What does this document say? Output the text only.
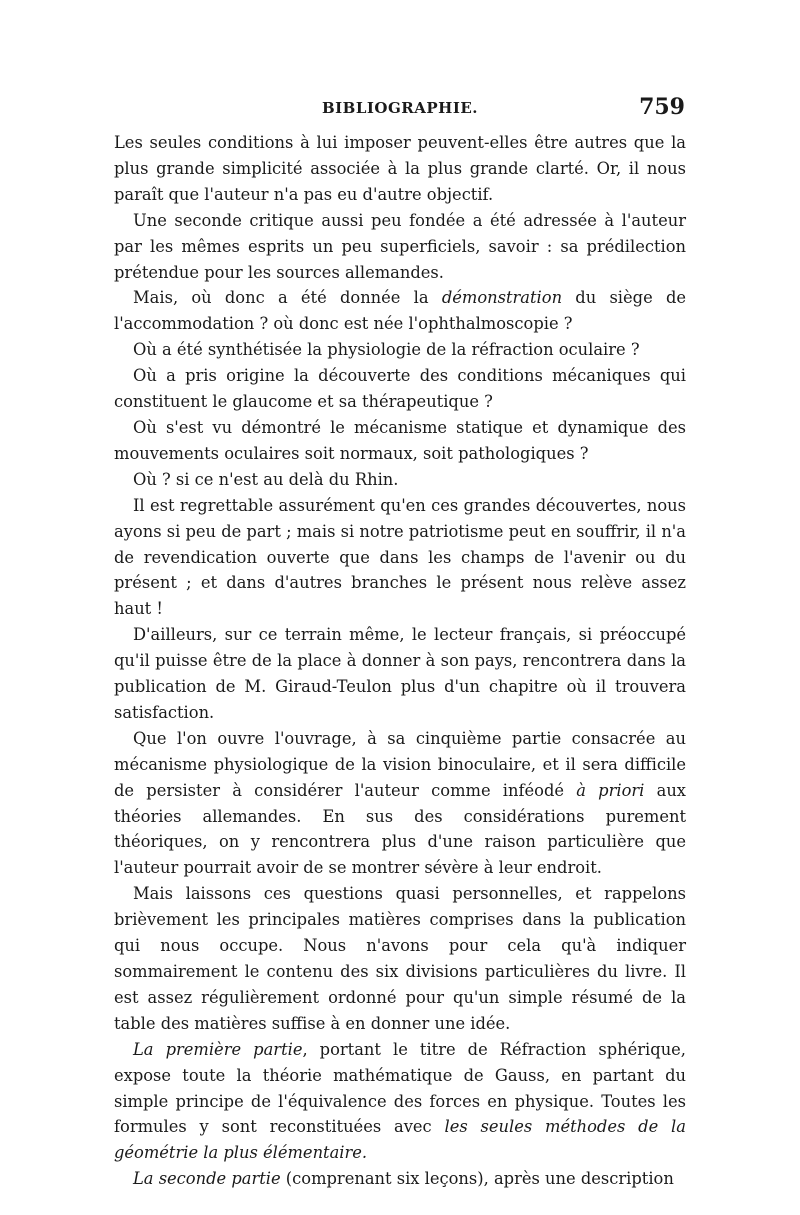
BIBLIOGRAPHIE.	759

Les seules conditions à lui imposer peuvent-elles être autres que la plus grande simplicité associée à la plus grande clarté. Or, il nous paraît que l'auteur n'a pas eu d'autre objectif.

Une seconde critique aussi peu fondée a été adressée à l'auteur par les mêmes esprits un peu superficiels, savoir : sa prédilection prétendue pour les sources allemandes.

Mais, où donc a été donnée la démonstration du siège de l'accommodation ? où donc est née l'ophthalmoscopie ?

Où a été synthétisée la physiologie de la réfraction oculaire ?

Où a pris origine la découverte des conditions mécaniques qui constituent le glaucome et sa thérapeutique ?

Où s'est vu démontré le mécanisme statique et dynamique des mouvements oculaires soit normaux, soit pathologiques ?

Où ? si ce n'est au delà du Rhin.

Il est regrettable assurément qu'en ces grandes découvertes, nous ayons si peu de part ; mais si notre patriotisme peut en souffrir, il n'a de revendication ouverte que dans les champs de l'avenir ou du présent ; et dans d'autres branches le présent nous relève assez haut !

D'ailleurs, sur ce terrain même, le lecteur français, si préoccupé qu'il puisse être de la place à donner à son pays, rencontrera dans la publication de M. Giraud-Teulon plus d'un chapitre où il trouvera satisfaction.

Que l'on ouvre l'ouvrage, à sa cinquième partie consacrée au mécanisme physiologique de la vision binoculaire, et il sera difficile de persister à considérer l'auteur comme inféodé à priori aux théories allemandes. En sus des considérations purement théoriques, on y rencontrera plus d'une raison particulière que l'auteur pourrait avoir de se montrer sévère à leur endroit.

Mais laissons ces questions quasi personnelles, et rappelons brièvement les principales matières comprises dans la publication qui nous occupe. Nous n'avons pour cela qu'à indiquer sommairement le contenu des six divisions particulières du livre. Il est assez régulièrement ordonné pour qu'un simple résumé de la table des matières suffise à en donner une idée.

La première partie, portant le titre de Réfraction sphérique, expose toute la théorie mathématique de Gauss, en partant du simple principe de l'équivalence des forces en physique. Toutes les formules y sont reconstituées avec les seules méthodes de la géométrie la plus élémentaire.

La seconde partie (comprenant six leçons), après une description
